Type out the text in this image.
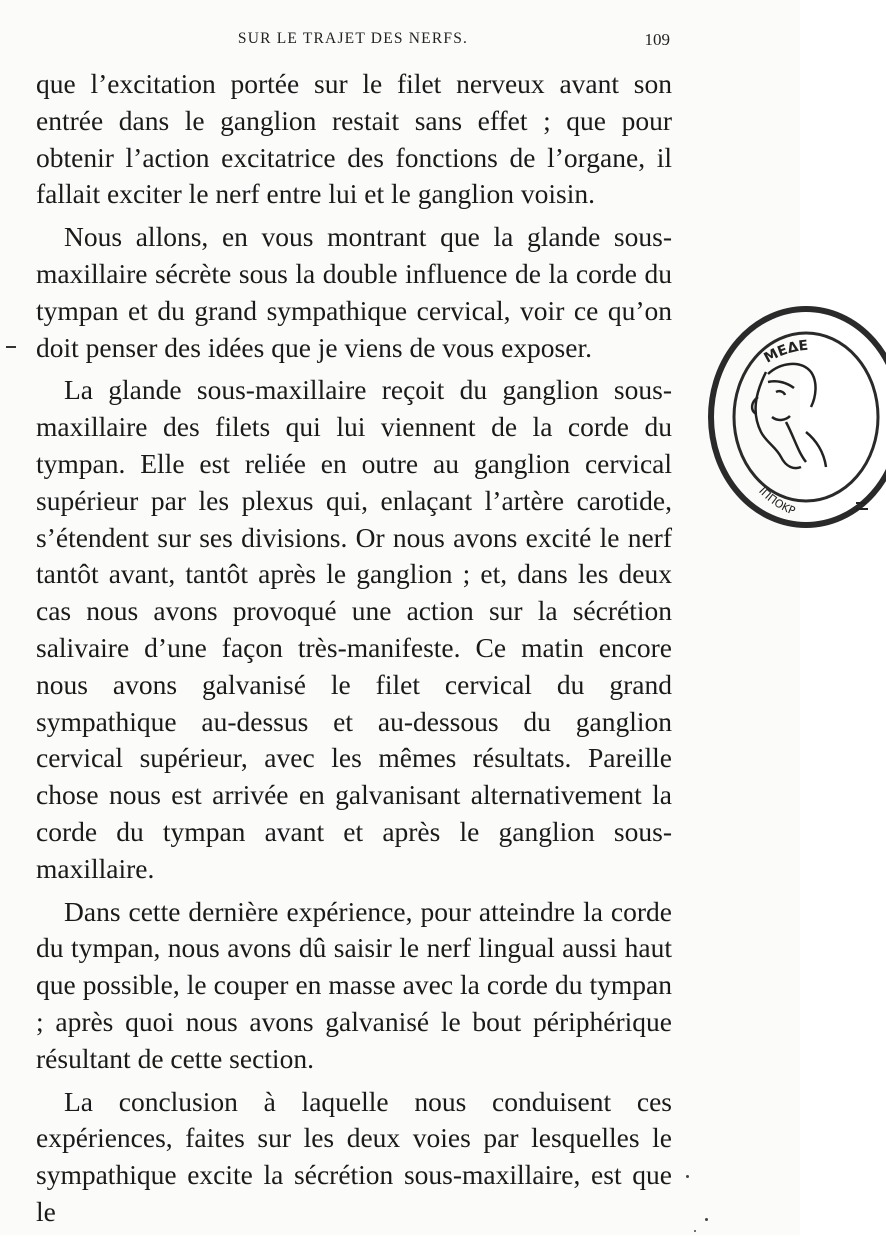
SUR LE TRAJET DES NERFS.	109

que l’excitation portée sur le filet nerveux avant son entrée dans le ganglion restait sans effet ; que pour obtenir l’action excitatrice des fonctions de l’organe, il fallait exciter le nerf entre lui et le ganglion voisin.

Nous allons, en vous montrant que la glande sous-maxillaire sécrète sous la double influence de la corde du tympan et du grand sympathique cervical, voir ce qu’on doit penser des idées que je viens de vous exposer.

La glande sous-maxillaire reçoit du ganglion sous-maxillaire des filets qui lui viennent de la corde du tympan. Elle est reliée en outre au ganglion cervical supérieur par les plexus qui, enlaçant l’artère carotide, s’étendent sur ses divisions. Or nous avons excité le nerf tantôt avant, tantôt après le ganglion ; et, dans les deux cas nous avons provoqué une action sur la sécrétion salivaire d’une façon très-manifeste. Ce matin encore nous avons galvanisé le filet cervical du grand sympathique au-dessus et au-dessous du ganglion cervical supérieur, avec les mêmes résultats. Pareille chose nous est arrivée en galvanisant alternativement la corde du tympan avant et après le ganglion sous-maxillaire.

Dans cette dernière expérience, pour atteindre la corde du tympan, nous avons dû saisir le nerf lingual aussi haut que possible, le couper en masse avec la corde du tympan ; après quoi nous avons galvanisé le bout périphérique résultant de cette section.

La conclusion à laquelle nous conduisent ces expériences, faites sur les deux voies par lesquelles le sympathique excite la sécrétion sous-maxillaire, est que le

ΜΕΔΕ
ΙΠΠΟΚΡ
